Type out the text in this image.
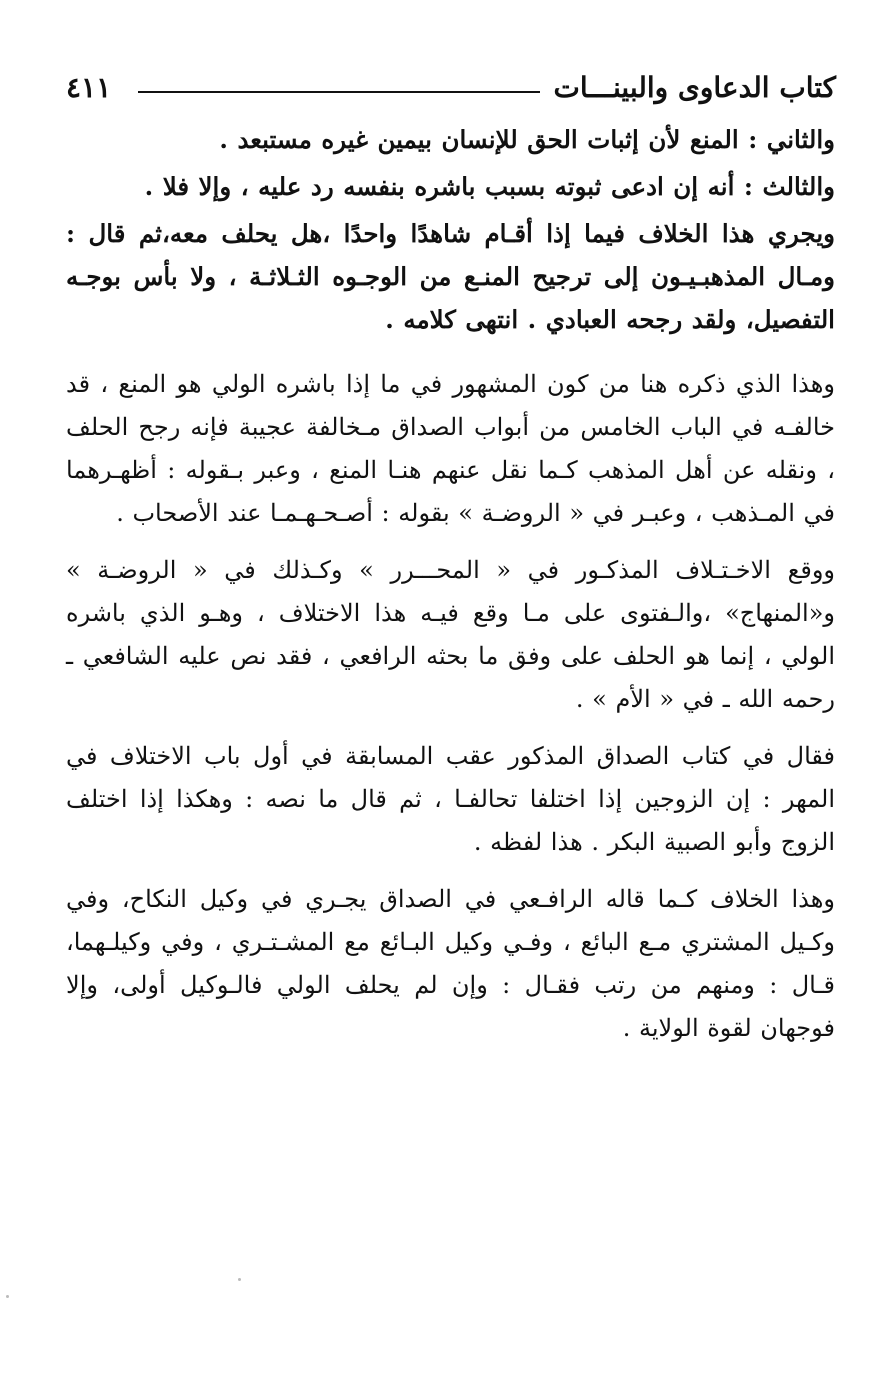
كتاب الدعاوى والبينـــات
٤١١

والثاني : المنع لأن إثبات الحق للإنسان بيمين غيره مستبعد .

والثالث : أنه إن ادعى ثبوته بسبب باشره بنفسه رد عليه ، وإلا فلا .

ويجري هذا الخلاف فيما إذا أقـام شاهدًا واحدًا ،هل يحلف معه،ثم قال : ومـال المذهبـيـون إلى ترجيح المنـع من الوجـوه الثـلاثـة ، ولا بأس بوجـه التفصيل، ولقد رجحه العبادي . انتهى كلامه .

وهذا الذي ذكره هنا من كون المشهور في ما إذا باشره الولي هو المنع ، قد خالفـه في الباب الخامس من أبواب الصداق مـخالفة عجيبة فإنه رجح الحلف ، ونقله عن أهل المذهب كـما نقل عنهم هنـا المنع ، وعبر بـقوله : أظهـرهما في المـذهب ، وعبـر في « الروضـة » بقوله : أصـحـهـمـا عند الأصحاب .

ووقع الاخـتـلاف المذكـور في « المحـــرر » وكـذلك في « الروضـة » و«المنهاج» ،والـفتوى على مـا وقع فيـه هذا الاختلاف ، وهـو الذي باشره الولي ، إنما هو الحلف على وفق ما بحثه الرافعي ، فقد نص عليه الشافعي ـ رحمه الله ـ في « الأم » .

فقال في كتاب الصداق المذكور عقب المسابقة في أول باب الاختلاف في المهر : إن الزوجين إذا اختلفا تحالفـا ، ثم قال ما نصه : وهكذا إذا اختلف الزوج وأبو الصبية البكر . هذا لفظه .

وهذا الخلاف كـما قاله الرافـعي في الصداق يجـري في وكيل النكاح، وفي وكـيل المشتري مـع البائع ، وفـي وكيل البـائع مع المشـتـري ، وفي وكيلـهما، قـال : ومنهم من رتب فقـال : وإن لم يحلف الولي فالـوكيل أولى، وإلا فوجهان لقوة الولاية .
